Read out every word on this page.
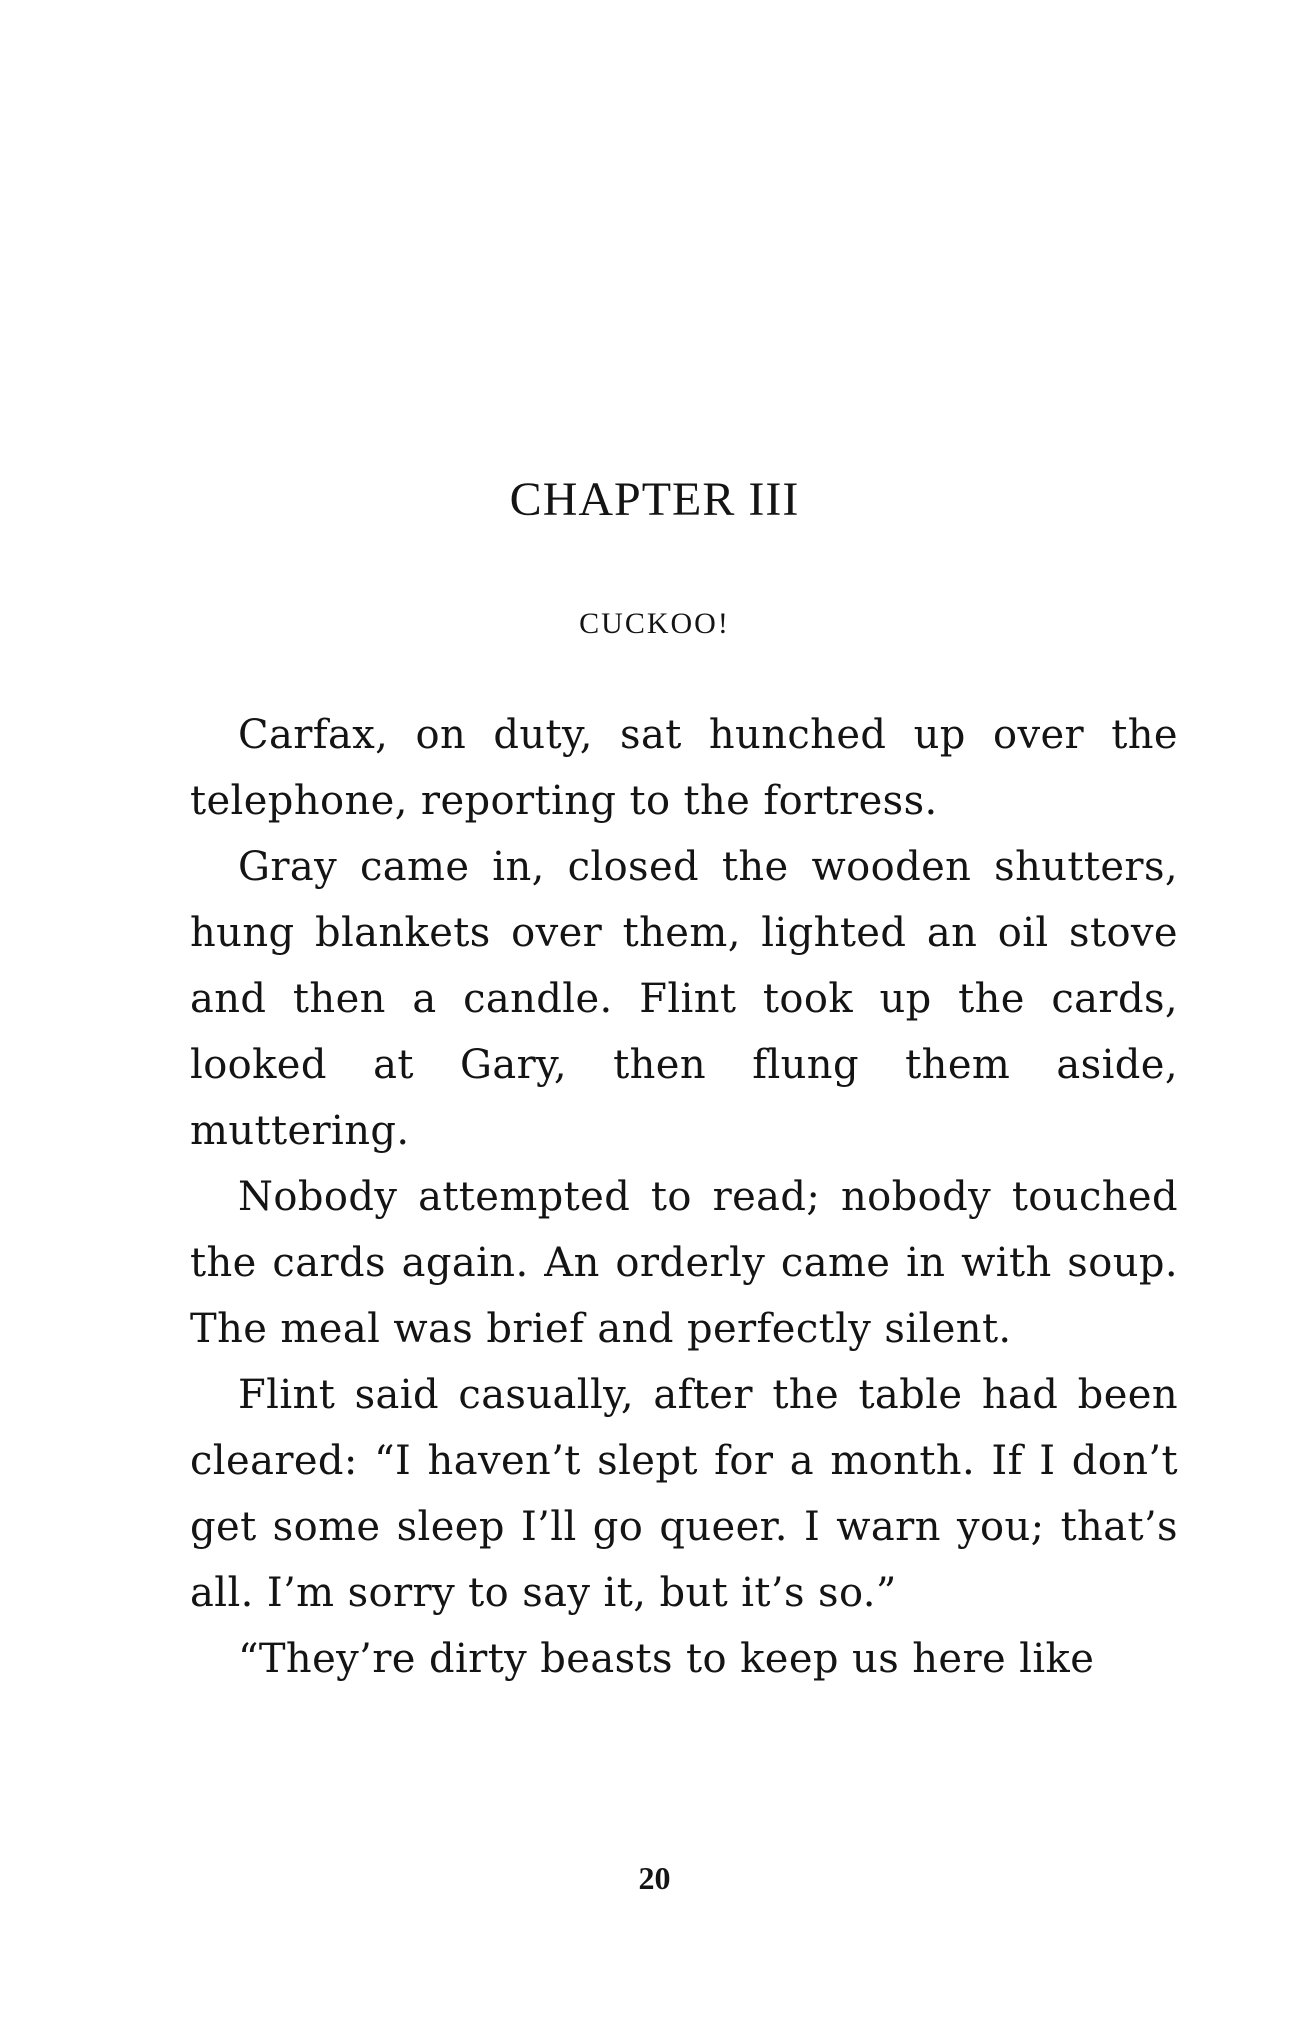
CHAPTER III
CUCKOO!

Carfax, on duty, sat hunched up over the telephone, reporting to the fortress.

Gray came in, closed the wooden shutters, hung blankets over them, lighted an oil stove and then a candle. Flint took up the cards, looked at Gary, then flung them aside, muttering.

Nobody attempted to read; nobody touched the cards again. An orderly came in with soup. The meal was brief and perfectly silent.

Flint said casually, after the table had been cleared: “I haven’t slept for a month. If I don’t get some sleep I’ll go queer. I warn you; that’s all. I’m sorry to say it, but it’s so.”

“They’re dirty beasts to keep us here like

20
